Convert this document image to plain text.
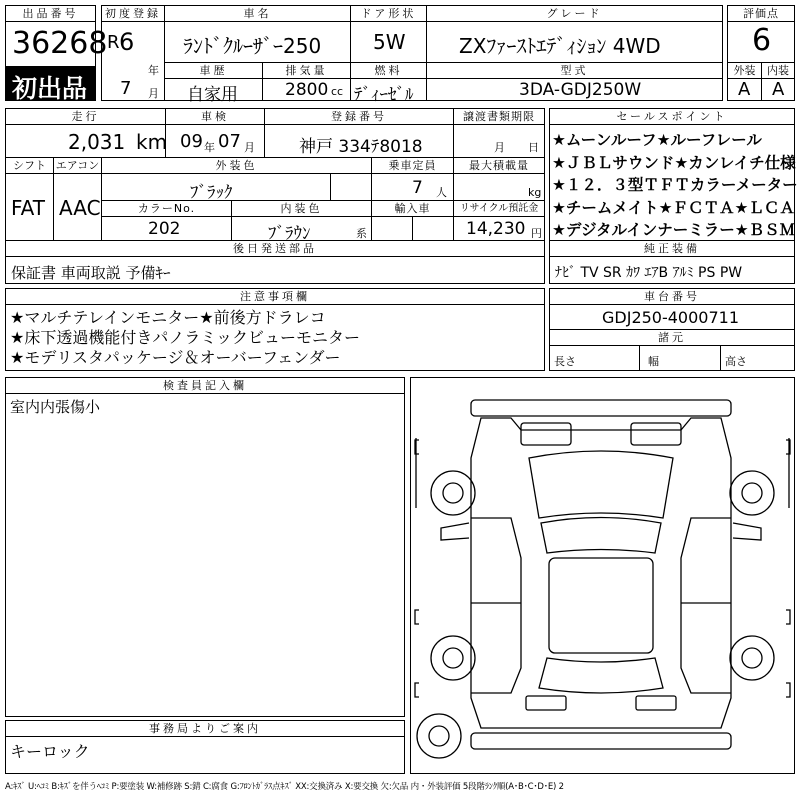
出品番号
36268
初出品
初度登録
R 6
年
7 月
車名
ﾗﾝﾄﾞｸﾙｰｻﾞｰ250
ドア形状
5W
グレード
ZXﾌｧｰｽﾄｴﾃﾞｨｼｮﾝ 4WD
車歴
自家用
排気量
2800 cc
燃料
ﾃﾞｨｰｾﾞﾙ
型式
3DA-GDJ250W
評価点
6
外装	内装
A A
走行
2,031 km
車検
09 年 07 月
登録番号
神戸 334ﾃ8018
譲渡書類期限
月 日
シフト エアコン
FAT AAC
外装色
ﾌﾞﾗｯｸ
乗車定員
7 人
最大積載量
kg
カラーNo.
202
内装色
ﾌﾞﾗｳﾝ	系
輸入車	リサイクル預託金
14,230 円
後日発送部品
保証書 車両取説 予備ｷｰ
セールスポイント
★ムーンルーフ★ルーフレール
★ＪＢＬサウンド★カンレイチ仕様
★１２．３型ＴＦＴカラーメーター
★チームメイト★ＦＣＴＡ★ＬＣＡ
★デジタルインナーミラー★ＢＳＭ
純正装備
ﾅﾋﾞ TV SR ｶﾜ ｴｱB ｱﾙﾐ PS PW
注意事項欄
★マルチテレインモニター★前後方ドラレコ
★床下透過機能付きパノラミックビューモニター
★モデリスタパッケージ＆オーバーフェンダー
車台番号
GDJ250-4000711
諸元
長さ	幅	高さ
検査員記入欄
室内内張傷小
事務局よりご案内
キーロック
A:ｷｽﾞ U:ﾍｺﾐ B:ｷｽﾞを伴うﾍｺﾐ P:要塗装 W:補修跡 S:錆 C:腐食 G:ﾌﾛﾝﾄｶﾞﾗｽ点ｷｽﾞ XX:交換済み X:要交換 欠:欠品 内・外装評価 5段階ﾗﾝｸ順(A･B･C･D･E) 2
